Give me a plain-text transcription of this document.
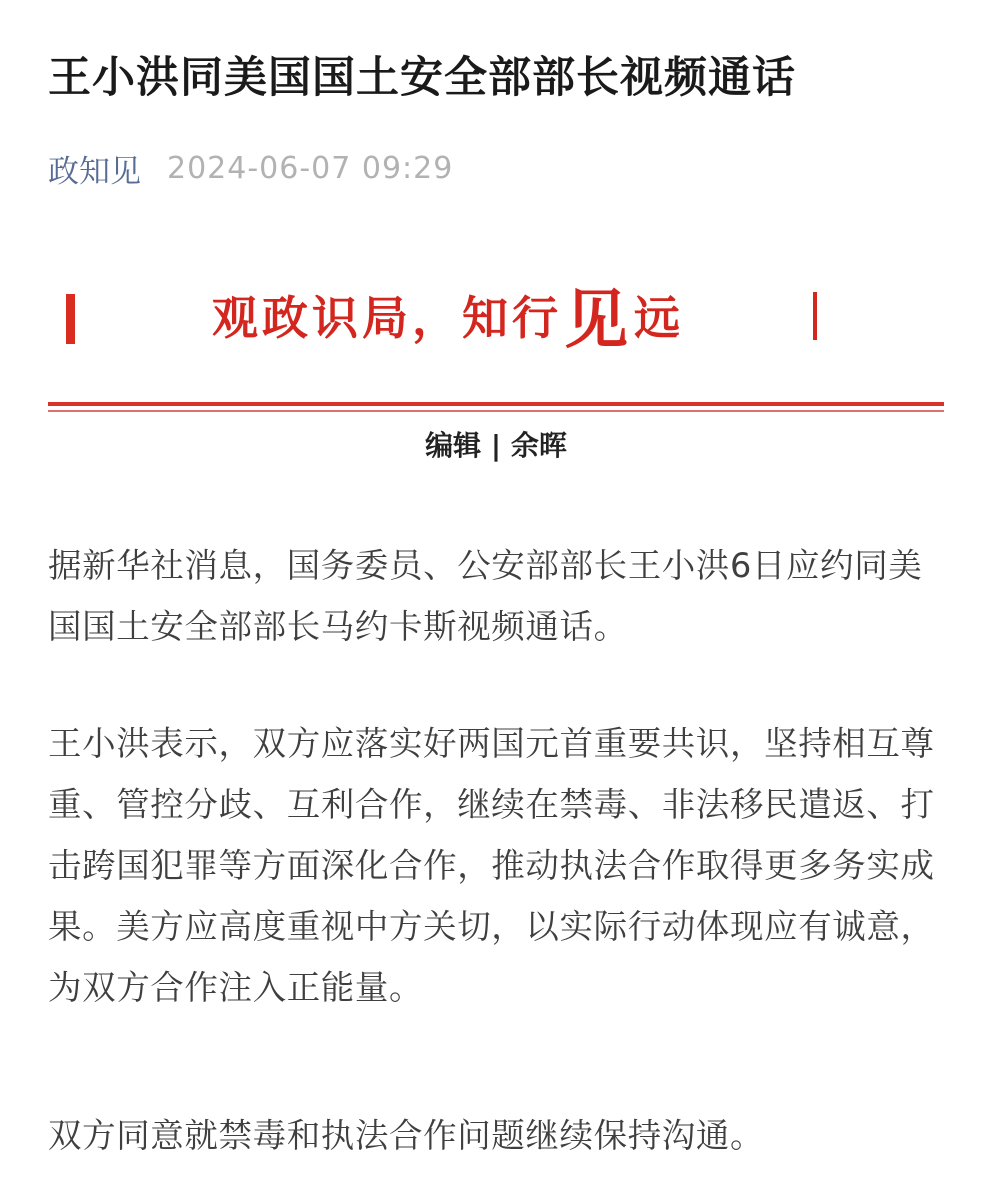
王小洪同美国国土安全部部长视频通话
政知见 2024-06-07 09:29
观政识局，知行 见 远
编辑 | 余晖

据新华社消息，国务委员、公安部部长王小洪6日应约同美国国土安全部部长马约卡斯视频通话。

王小洪表示，双方应落实好两国元首重要共识，坚持相互尊重、管控分歧、互利合作，继续在禁毒、非法移民遣返、打击跨国犯罪等方面深化合作，推动执法合作取得更多务实成果。美方应高度重视中方关切，以实际行动体现应有诚意，为双方合作注入正能量。

双方同意就禁毒和执法合作问题继续保持沟通。
